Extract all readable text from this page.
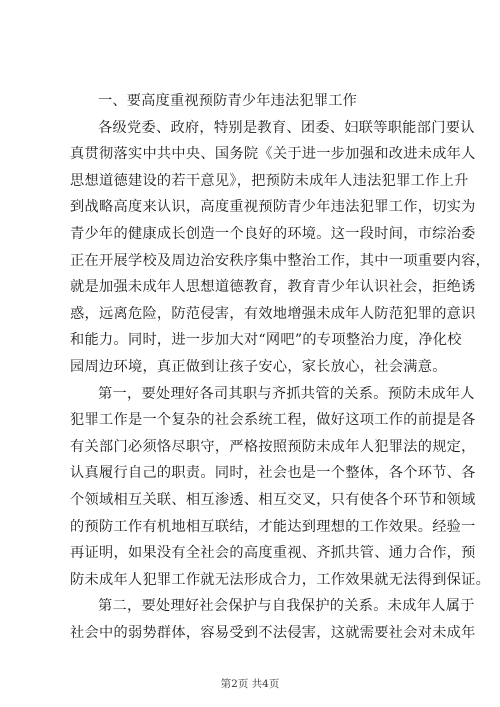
一、要高度重视预防青少年违法犯罪工作
各级党委、政府，特别是教育、团委、妇联等职能部门要认
真贯彻落实中共中央、国务院《关于进一步加强和改进未成年人
思想道德建设的若干意见》，把预防未成年人违法犯罪工作上升
到战略高度来认识，高度重视预防青少年违法犯罪工作，切实为
青少年的健康成长创造一个良好的环境。这一段时间，市综治委
正在开展学校及周边治安秩序集中整治工作，其中一项重要内容，
就是加强未成年人思想道德教育，教育青少年认识社会，拒绝诱
惑，远离危险，防范侵害，有效地增强未成年人防范犯罪的意识
和能力。同时，进一步加大对“网吧”的专项整治力度，净化校
园周边环境，真正做到让孩子安心，家长放心，社会满意。
第一，要处理好各司其职与齐抓共管的关系。预防未成年人
犯罪工作是一个复杂的社会系统工程，做好这项工作的前提是各
有关部门必须恪尽职守，严格按照预防未成年人犯罪法的规定，
认真履行自己的职责。同时，社会也是一个整体，各个环节、各
个领域相互关联、相互渗透、相互交叉，只有使各个环节和领域
的预防工作有机地相互联结，才能达到理想的工作效果。经验一
再证明，如果没有全社会的高度重视、齐抓共管、通力合作，预
防未成年人犯罪工作就无法形成合力，工作效果就无法得到保证。
第二，要处理好社会保护与自我保护的关系。未成年人属于
社会中的弱势群体，容易受到不法侵害，这就需要社会对未成年
第2页 共4页
